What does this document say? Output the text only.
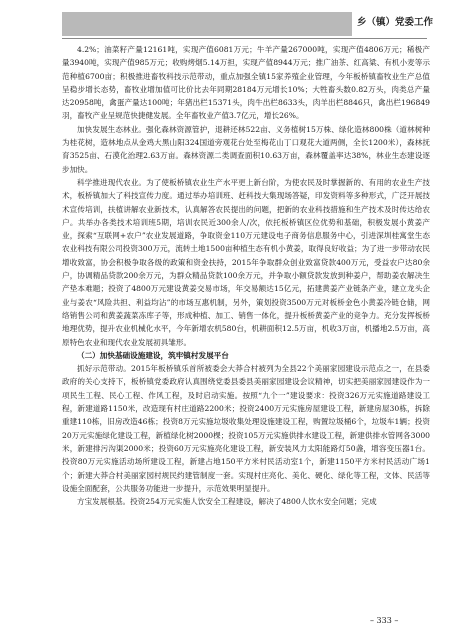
乡（镇）党委工作

4.2%；油菜籽产量12161吨，实现产值6081万元；牛羊产量267000吨，实现产值4806万元；稀极产量3940吨，实现产值985万元；收购烤烟5.14万担，实现产值8944万元；推广油茶、红高粱、有机小麦等示范种植6700亩；积极推进畜牧科技示范带动，重点加强全镇15家养殖企业管理，今年板桥镇畜牧业生产总值呈稳步增长态势，畜牧业增加值可比价比去年同期28184万元增长10%；大牲畜头数0.82万头，肉类总产量达20958吨，禽蛋产量达100吨；年猪出栏15371头，肉牛出栏8633头，肉羊出栏8846只，禽出栏196849羽，畜牧产业呈规范快捷健发展。全年畜牧业产值3.7亿元，增长26%。

加快发展生态林业。强化森林资源管护，退耕还林522亩、义务植树15万株、绿化造林800株（道林树种为桂花树，造林地点从金鸡大黑山阳324国道旁观花台处至梅花山丁口观花大道两侧，全长1200米），森林抚育3525亩、石漠化治理2.63万亩。森林资源二类调查面积10.63万亩，森林覆盖率达38%，林业生态建设逐步加快。

科学推进现代农业。为了使板桥镇农业生产水平更上新台阶，为使农民及时掌握新的、有用的农业生产技术，板桥镇加大了科技宣传力度。通过举办培训班、赶科技大集现场答疑，印发资料等多种形式，广泛开展技术宣传培训，扶植讲解农业新技术，认真解答农民提出的问题，把新的农业科技措施和生产技术及时传达给农户。共举办各类技术培训班5期，培训农民近300余人/次，依托板桥镇区位优势和基础，积极发展小黄姜产业，探索“互联网+农户”农业发展道路，争取资金110万元建设电子商务信息服务中心，引进深圳桂寓堂生态农业科技有限公司投资300万元，流转土地1500亩种植生态有机小黄姜，取得良好收益；为了进一步带动农民增收致富，协会积极争取各级的政策和资金扶持，2015年争取群众创业致富贷款400万元，受益农户达80余户，协调精品贷款200余万元，为群众精品贷款100余万元，并争取小额贷款发放到种姜户，帮助姜农解决生产垫本难题；投资了4800万元建设黄姜交易市场，年交易额达15亿元，拓建黄姜产业链条产业，建立龙头企业与姜农“风险共担、利益均沾”的市场互惠机制，另外，策划投资3500万元对板桥金色小黄姜冷链仓储，网络销售公司和黄姜蔬菜冻库子等，形成种植、加工、销售一体化，提升板桥黄姜产业的竞争力。充分发挥板桥地理优势，提升农业机械化水平，今年新增农机580台，机耕面积12.5万亩，机收3万亩，机播地2.5万亩，高原特色农业和现代农业发展初具雏形。

（二）加快基础设施建设，筑牢镇村发展平台

抓好示范带动。2015年板桥镇乐首所被委会大莽合村被列为全县22个美丽家园建设示范点之一，在县委政府的关心支持下，板桥镇党委政府认真围绕党委县委县美丽家园建设会议精神，切实把美丽家园建设作为一项民生工程、民心工程、作风工程，及时启动实施。按照“九个一”建设要求：投资326万元实施道路建设工程，新建道路1150米，改造现有村庄道路2200米；投资2400万元实施房屋建设工程，新建房屋30栋，拆除重建110栋，旧房改造46栋；投资8万元实施垃圾收集处理设施建设工程，购置垃圾桶6个，垃圾车1辆；投资20万元实施绿化建设工程，新植绿化树2000棵；投资105万元实施供排水建设工程，新建供排水管网各3000米，新建排污沟渠2000米；投资60万元实施亮化建设工程，新安装风力太阳能路灯50盏，增容变压器1台。投资80万元实施活动场所建设工程，新建占地150平方米村民活动室1个，新建1150平方米村民活动广场1个；新建大莽合村美丽家园村规民约建管制度一套。实现村庄亮化、美化、硬化、绿化等工程，文体、民活等设施全面配套，公共服务功能进一步提升，示范效果明显提升。

方宝发展根基。投资254万元实施人饮安全工程建设，解决了4800人饮水安全问题；完成

– 333 –
